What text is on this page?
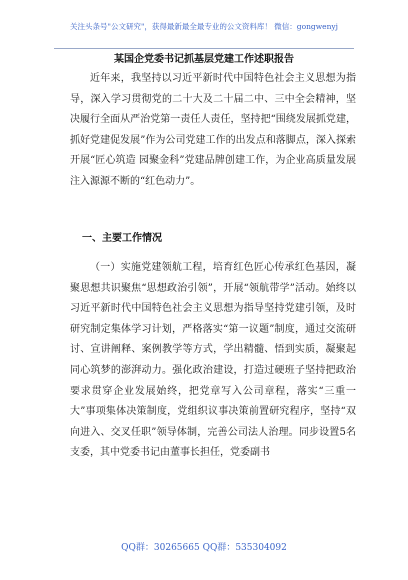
关注头条号"公文研究"，获得最新最全最专业的公文资料库！ 微信：gongwenyj
某国企党委书记抓基层党建工作述职报告

近年来，我坚持以习近平新时代中国特色社会主义思想为指导，深入学习贯彻党的二十大及二十届二中、三中全会精神，坚决履行全面从严治党第一责任人责任，坚持把“围绕发展抓党建，抓好党建促发展”作为公司党建工作的出发点和落脚点，深入探索开展“匠心筑造 园聚金科”党建品牌创建工作，为企业高质量发展注入源源不断的“红色动力”。

一、主要工作情况

（一）实施党建领航工程，培育红色匠心传承红色基因，凝聚思想共识聚焦“思想政治引领”，开展“领航带学”活动。始终以习近平新时代中国特色社会主义思想为指导坚持党建引领，及时研究制定集体学习计划，严格落实“第一议题”制度，通过交流研讨、宣讲阐释、案例教学等方式，学出精髓、悟到实质，凝聚起同心筑梦的澎湃动力。强化政治建设，打造过硬班子坚持把政治要求贯穿企业发展始终，把党章写入公司章程，落实“三重一大”事项集体决策制度，党组织议事决策前置研究程序，坚持“双向进入、交叉任职”领导体制，完善公司法人治理。同步设置5名支委，其中党委书记由董事长担任，党委副书

QQ群：30265665 QQ群：535304092
